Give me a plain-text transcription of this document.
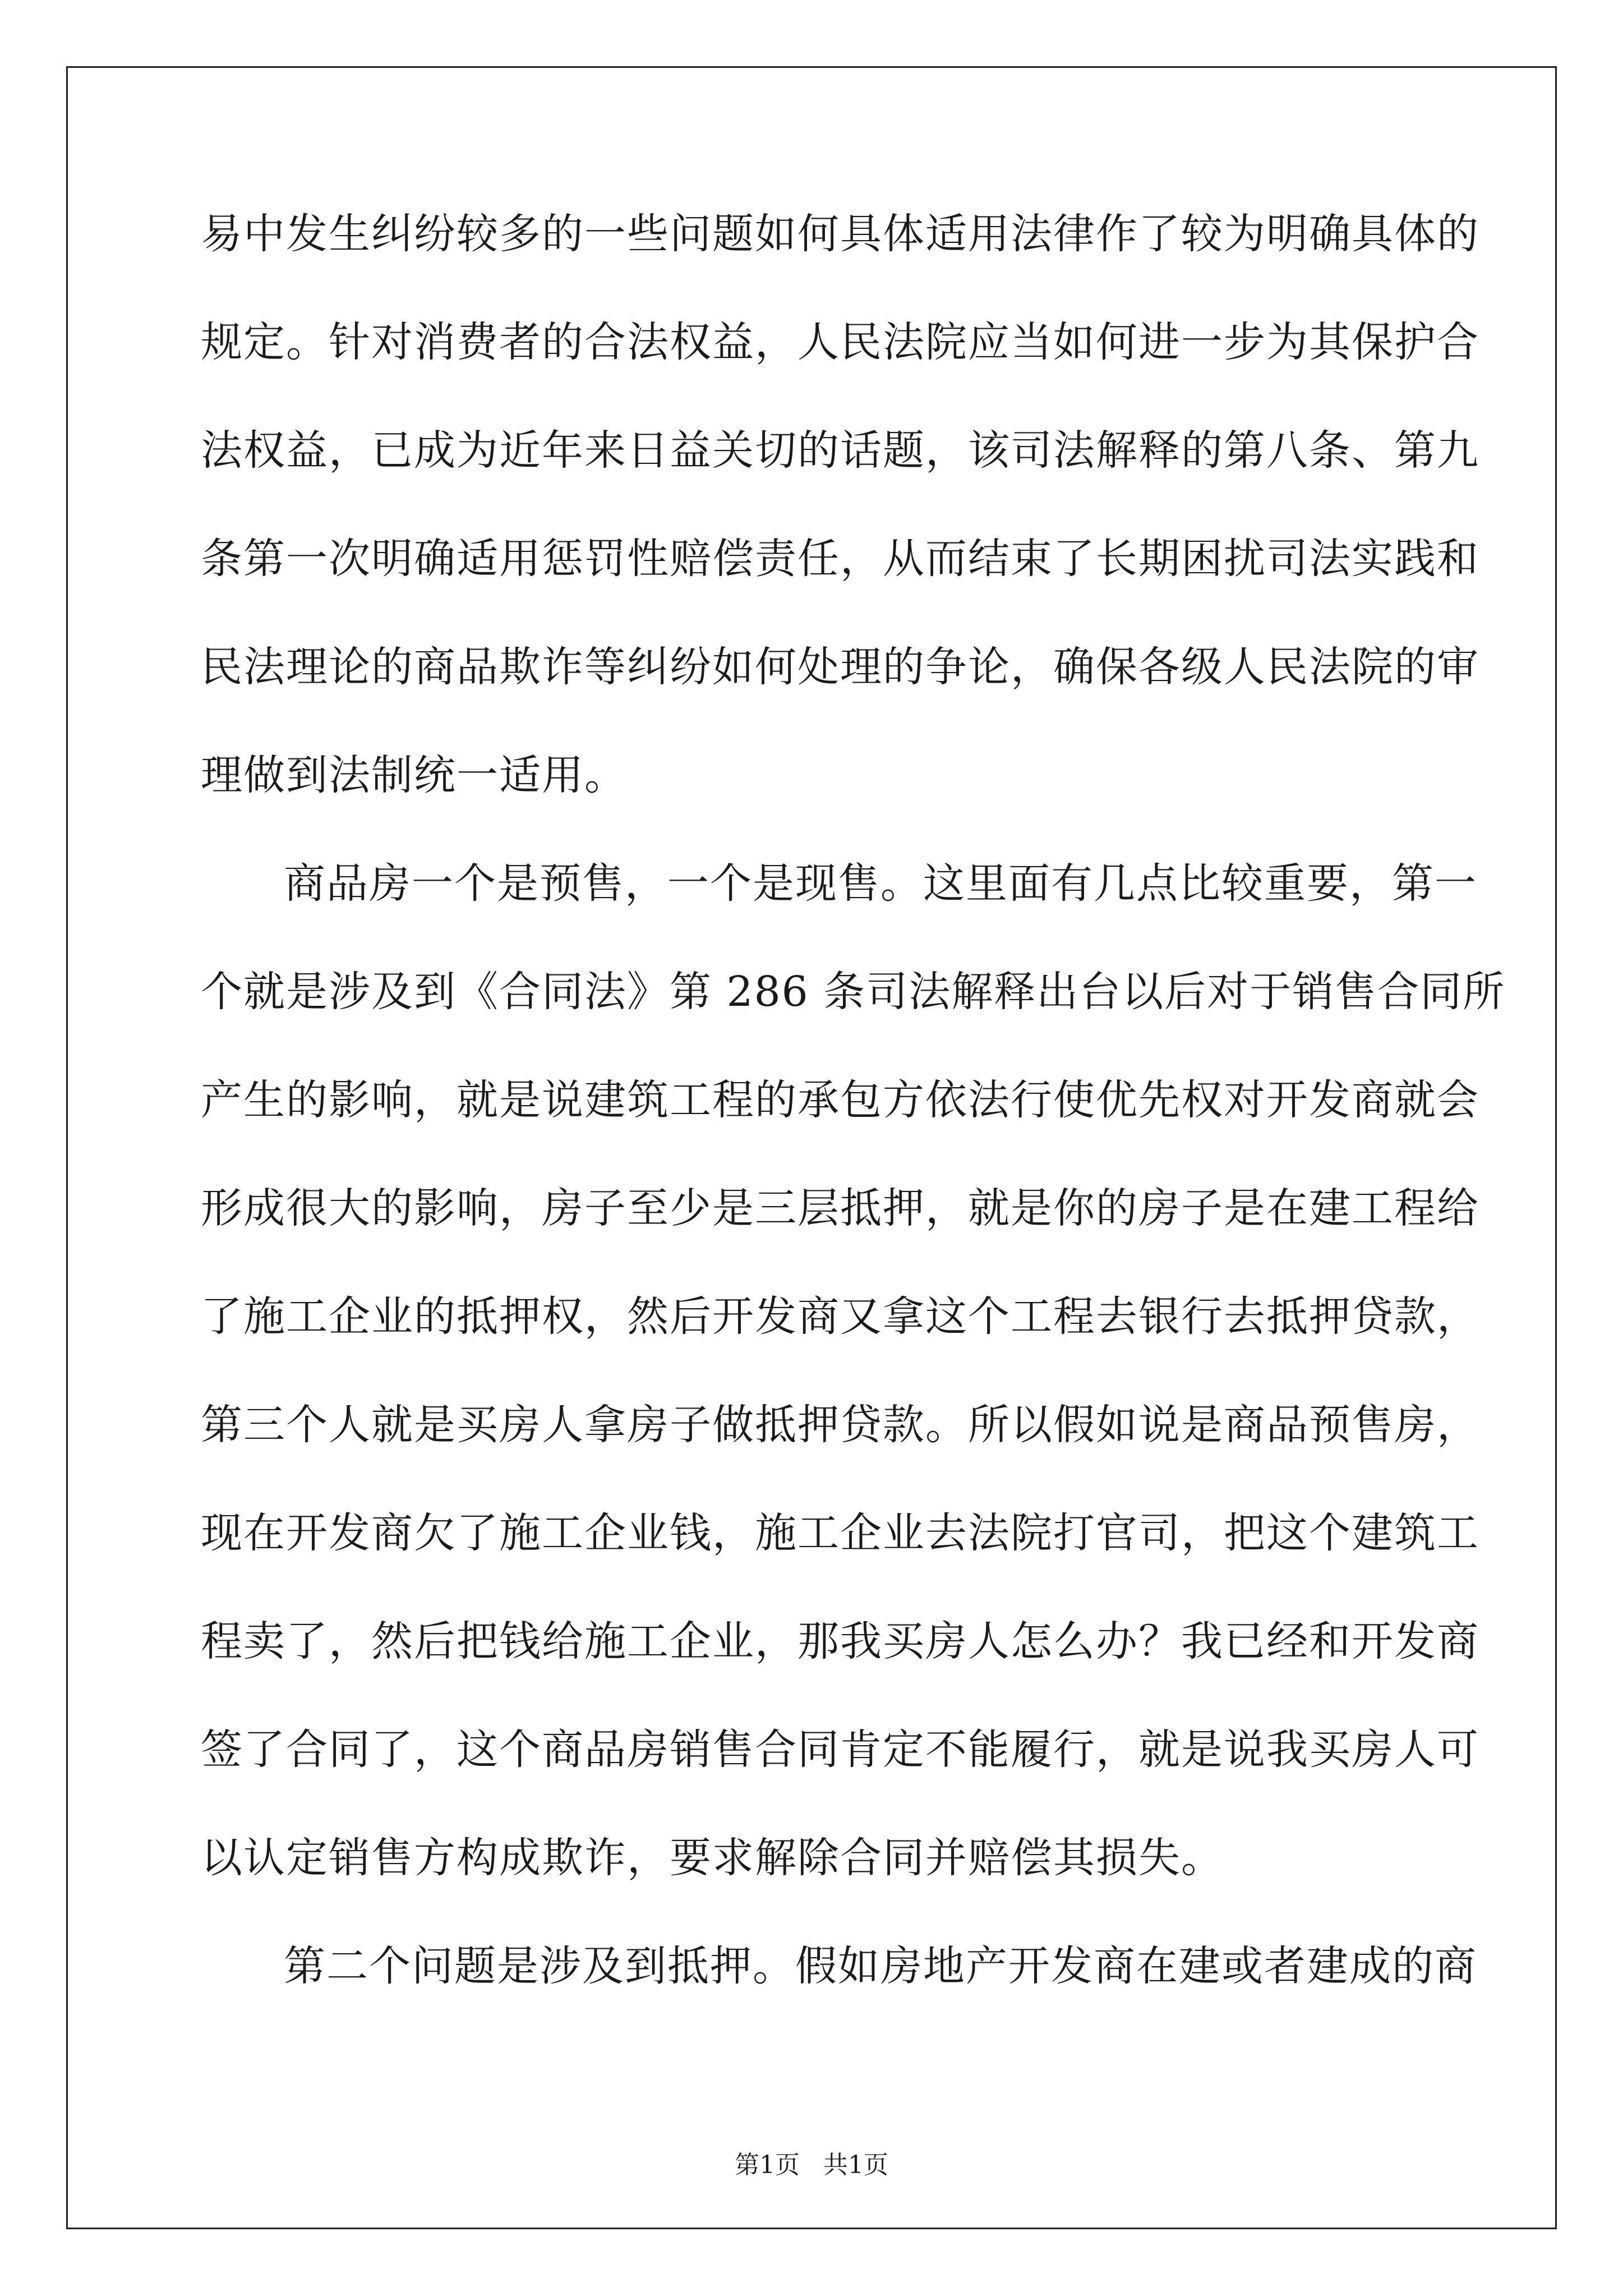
易中发生纠纷较多的一些问题如何具体适用法律作了较为明确具体的
规定。针对消费者的合法权益，人民法院应当如何进一步为其保护合
法权益，已成为近年来日益关切的话题，该司法解释的第八条、第九
条第一次明确适用惩罚性赔偿责任，从而结束了长期困扰司法实践和
民法理论的商品欺诈等纠纷如何处理的争论，确保各级人民法院的审
理做到法制统一适用。
商品房一个是预售，一个是现售。这里面有几点比较重要，第一
个就是涉及到《合同法》第 286 条司法解释出台以后对于销售合同所
产生的影响，就是说建筑工程的承包方依法行使优先权对开发商就会
形成很大的影响，房子至少是三层抵押，就是你的房子是在建工程给
了施工企业的抵押权，然后开发商又拿这个工程去银行去抵押贷款，
第三个人就是买房人拿房子做抵押贷款。所以假如说是商品预售房，
现在开发商欠了施工企业钱，施工企业去法院打官司，把这个建筑工
程卖了，然后把钱给施工企业，那我买房人怎么办？我已经和开发商
签了合同了，这个商品房销售合同肯定不能履行，就是说我买房人可
以认定销售方构成欺诈，要求解除合同并赔偿其损失。
第二个问题是涉及到抵押。假如房地产开发商在建或者建成的商
第1页   共1页
